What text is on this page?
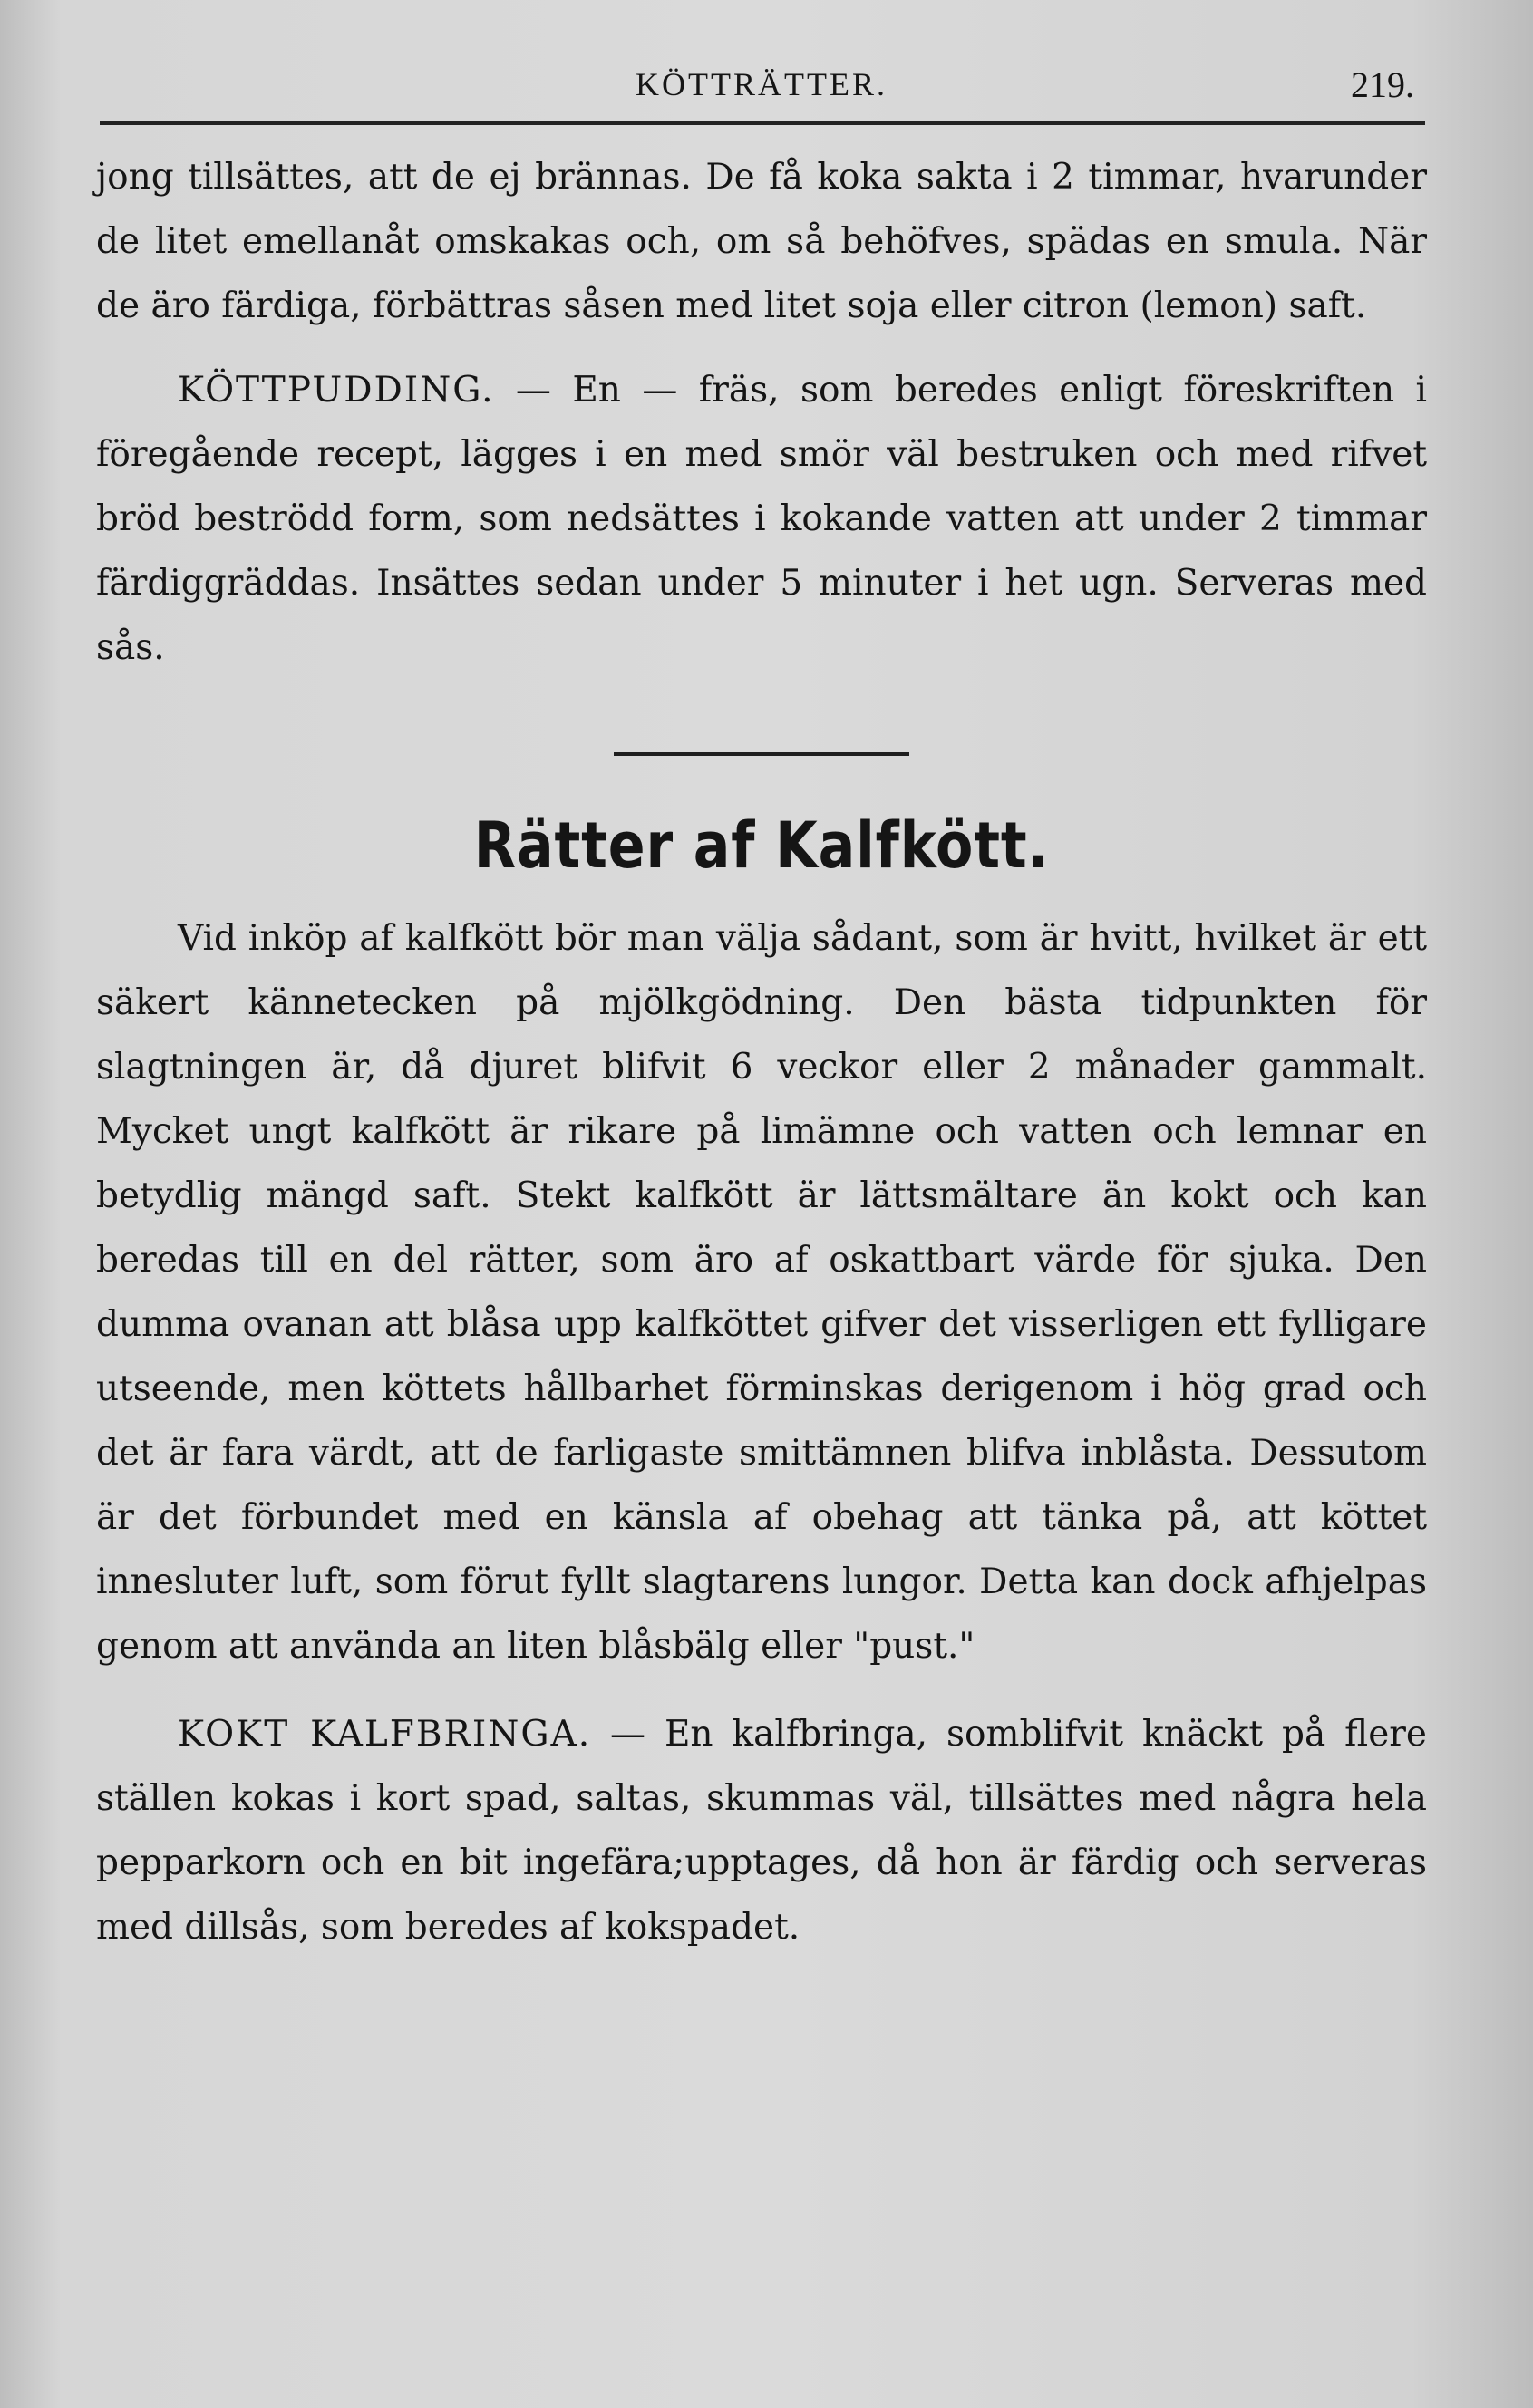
KÖTTRÄTTER.	219.

jong tillsättes, att de ej brännas. De få koka sakta i 2 timmar, hvarunder de litet emellanåt omskakas och, om så behöfves, spädas en smula. När de äro färdiga, förbättras såsen med litet soja eller citron (lemon) saft.

KÖTTPUDDING. — En — fräs, som beredes enligt föreskriften i föregående recept, lägges i en med smör väl bestruken och med rifvet bröd beströdd form, som nedsättes i kokande vatten att under 2 timmar färdiggräddas. Insättes sedan under 5 minuter i het ugn. Serveras med sås.

Rätter af Kalfkött.

Vid inköp af kalfkött bör man välja sådant, som är hvitt, hvilket är ett säkert kännetecken på mjölkgödning. Den bästa tidpunkten för slagtningen är, då djuret blifvit 6 veckor eller 2 månader gammalt. Mycket ungt kalfkött är rikare på limämne och vatten och lemnar en betydlig mängd saft. Stekt kalfkött är lättsmältare än kokt och kan beredas till en del rätter, som äro af oskattbart värde för sjuka. Den dumma ovanan att blåsa upp kalfköttet gifver det visserligen ett fylligare utseende, men köttets hållbarhet förminskas derigenom i hög grad och det är fara värdt, att de farligaste smittämnen blifva inblåsta. Dessutom är det förbundet med en känsla af obehag att tänka på, att köttet innesluter luft, som förut fyllt slagtarens lungor. Detta kan dock afhjelpas genom att använda an liten blåsbälg eller "pust."

KOKT KALFBRINGA. — En kalfbringa, somblifvit knäckt på flere ställen kokas i kort spad, saltas, skummas väl, tillsättes med några hela pepparkorn och en bit ingefära;upptages, då hon är färdig och serveras med dillsås, som beredes af kokspadet.
